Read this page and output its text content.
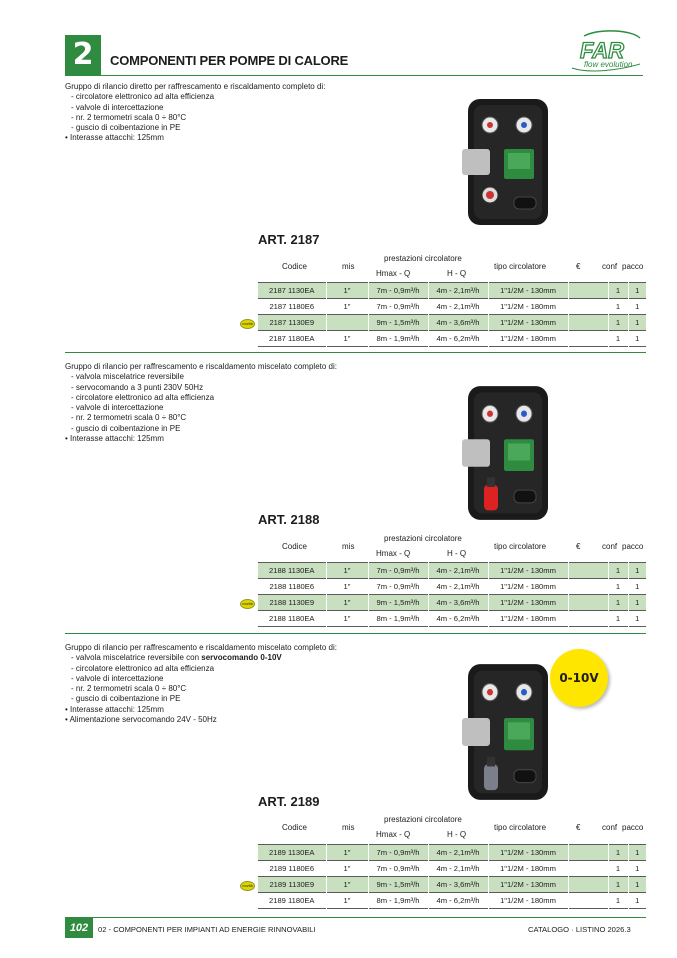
2	COMPONENTI PER POMPE DI CALORE	FAR
flow evolution
Gruppo di rilancio diretto per raffrescamento e riscaldamento completo di:
- circolatore elettronico ad alta efficienza
- valvole di intercettazione
- nr. 2 termometri scala 0 ÷ 80°C
- guscio di coibentazione in PE
• Interasse attacchi: 125mm
ART. 2187
Codice	mis
prestazioni circolatore
Hmax - Q	H - Q
tipo circolatore	€	conf pacco
2187 1130EA	1"	7m - 0,9m³/h	4m - 2,1m³/h	1"1/2M - 130mm		1	1
2187 1180E6	1"	7m - 0,9m³/h	4m - 2,1m³/h	1"1/2M - 180mm		1	1
2187 1130E9		9m - 1,5m³/h	4m - 3,6m³/h	1"1/2M - 130mm		1	1
2187 1180EA	1"	8m - 1,9m³/h	4m - 6,2m³/h	1"1/2M - 180mm		1	1
novità
Gruppo di rilancio per raffrescamento e riscaldamento miscelato completo di:
- valvola miscelatrice reversibile
- servocomando a 3 punti 230V 50Hz
- circolatore elettronico ad alta efficienza
- valvole di intercettazione
- nr. 2 termometri scala 0 ÷ 80°C
- guscio di coibentazione in PE
• Interasse attacchi: 125mm
ART. 2188
Codice	mis
prestazioni circolatore
Hmax - Q	H - Q
tipo circolatore	€	conf pacco
2188 1130EA	1"	7m - 0,9m³/h	4m - 2,1m³/h	1"1/2M - 130mm		1	1
2188 1180E6	1"	7m - 0,9m³/h	4m - 2,1m³/h	1"1/2M - 180mm		1	1
2188 1130E9	1"	9m - 1,5m³/h	4m - 3,6m³/h	1"1/2M - 130mm		1	1
2188 1180EA	1"	8m - 1,9m³/h	4m - 6,2m³/h	1"1/2M - 180mm		1	1
novità
Gruppo di rilancio per raffrescamento e riscaldamento miscelato completo di:
- valvola miscelatrice reversibile con servocomando 0-10V
- circolatore elettronico ad alta efficienza
- valvole di intercettazione
- nr. 2 termometri scala 0 ÷ 80°C
- guscio di coibentazione in PE
• Interasse attacchi: 125mm
• Alimentazione servocomando 24V - 50Hz
ART. 2189
Codice	mis
prestazioni circolatore
Hmax - Q	H - Q
tipo circolatore	€	conf pacco
2189 1130EA	1"	7m - 0,9m³/h	4m - 2,1m³/h	1"1/2M - 130mm		1	1
2189 1180E6	1"	7m - 0,9m³/h	4m - 2,1m³/h	1"1/2M - 180mm		1	1
2189 1130E9	1"	9m - 1,5m³/h	4m - 3,6m³/h	1"1/2M - 130mm		1	1
2189 1180EA	1"	8m - 1,9m³/h	4m - 6,2m³/h	1"1/2M - 180mm		1	1
novità
0-10V
102	02 - COMPONENTI PER IMPIANTI AD ENERGIE RINNOVABILI	CATALOGO · LISTINO 2026.3
